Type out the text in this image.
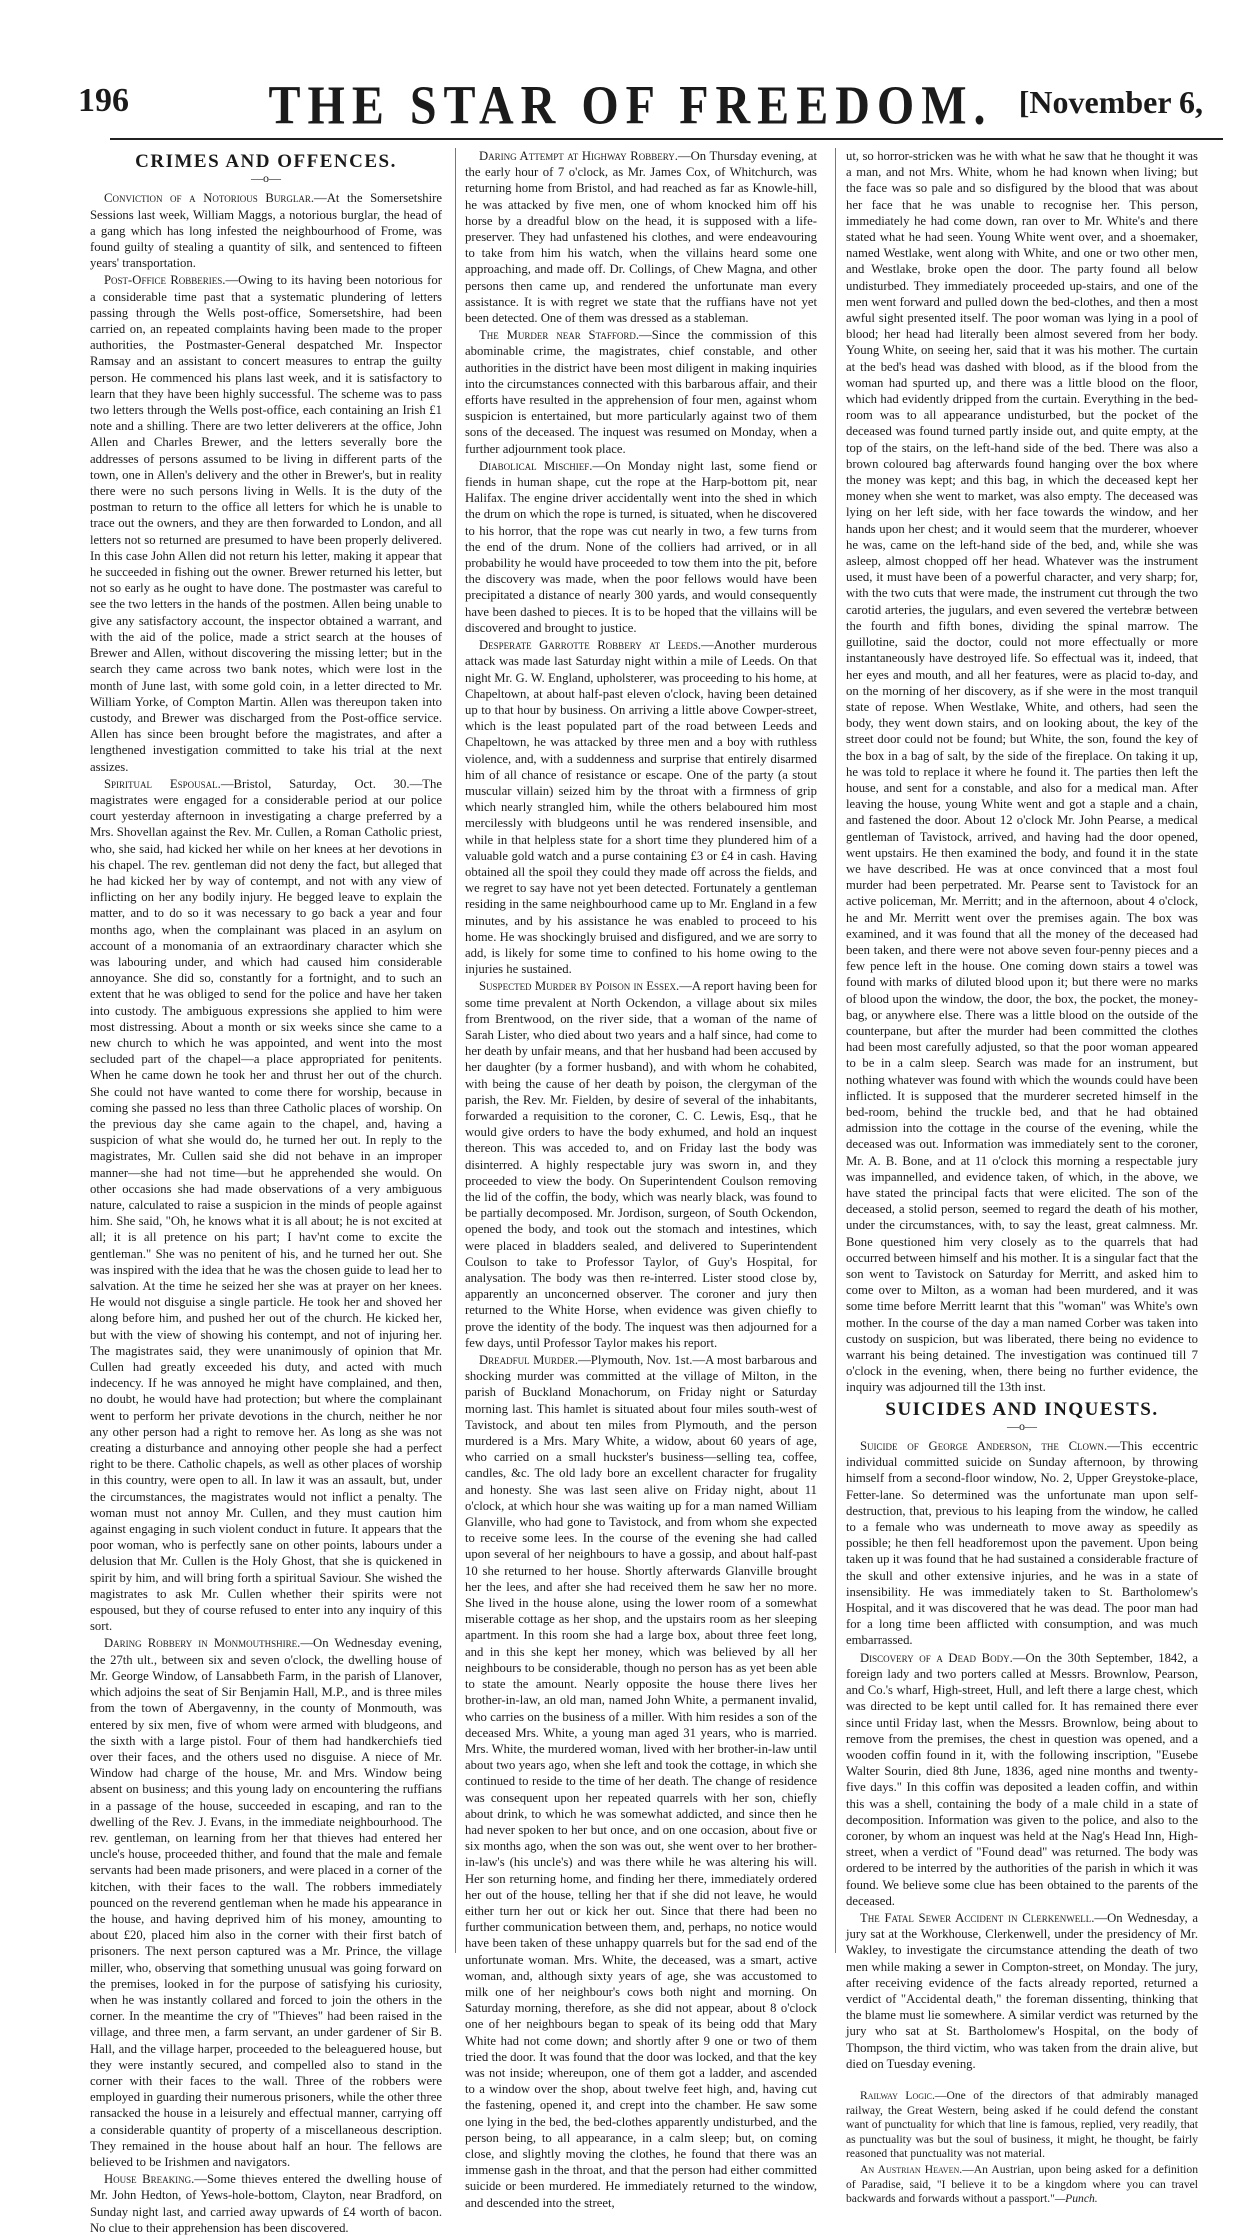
196	THE STAR OF FREEDOM. [November 6,
CRIMES AND OFFENCES.
—o—

Conviction of a Notorious Burglar.—At the Somersetshire Sessions last week, William Maggs, a notorious burglar, the head of a gang which has long infested the neighbourhood of Frome, was found guilty of stealing a quantity of silk, and sentenced to fifteen years' transportation.

Post-Office Robberies.—Owing to its having been notorious for a considerable time past that a systematic plundering of letters passing through the Wells post-office, Somersetshire, had been carried on, an repeated complaints having been made to the proper authorities, the Postmaster-General despatched Mr. Inspector Ramsay and an assistant to concert measures to entrap the guilty person. He commenced his plans last week, and it is satisfactory to learn that they have been highly successful. The scheme was to pass two letters through the Wells post-office, each containing an Irish £1 note and a shilling. There are two letter deliverers at the office, John Allen and Charles Brewer, and the letters severally bore the addresses of persons assumed to be living in different parts of the town, one in Allen's delivery and the other in Brewer's, but in reality there were no such persons living in Wells. It is the duty of the postman to return to the office all letters for which he is unable to trace out the owners, and they are then forwarded to London, and all letters not so returned are presumed to have been properly delivered. In this case John Allen did not return his letter, making it appear that he succeeded in fishing out the owner. Brewer returned his letter, but not so early as he ought to have done. The postmaster was careful to see the two letters in the hands of the postmen. Allen being unable to give any satisfactory account, the inspector obtained a warrant, and with the aid of the police, made a strict search at the houses of Brewer and Allen, without discovering the missing letter; but in the search they came across two bank notes, which were lost in the month of June last, with some gold coin, in a letter directed to Mr. William Yorke, of Compton Martin. Allen was thereupon taken into custody, and Brewer was discharged from the Post-office service. Allen has since been brought before the magistrates, and after a lengthened investigation committed to take his trial at the next assizes.

Spiritual Espousal.—Bristol, Saturday, Oct. 30.—The magistrates were engaged for a considerable period at our police court yesterday afternoon in investigating a charge preferred by a Mrs. Shovellan against the Rev. Mr. Cullen, a Roman Catholic priest, who, she said, had kicked her while on her knees at her devotions in his chapel. The rev. gentleman did not deny the fact, but alleged that he had kicked her by way of contempt, and not with any view of inflicting on her any bodily injury. He begged leave to explain the matter, and to do so it was necessary to go back a year and four months ago, when the complainant was placed in an asylum on account of a monomania of an extraordinary character which she was labouring under, and which had caused him considerable annoyance. She did so, constantly for a fortnight, and to such an extent that he was obliged to send for the police and have her taken into custody. The ambiguous expressions she applied to him were most distressing. About a month or six weeks since she came to a new church to which he was appointed, and went into the most secluded part of the chapel—a place appropriated for penitents. When he came down he took her and thrust her out of the church. She could not have wanted to come there for worship, because in coming she passed no less than three Catholic places of worship. On the previous day she came again to the chapel, and, having a suspicion of what she would do, he turned her out. In reply to the magistrates, Mr. Cullen said she did not behave in an improper manner—she had not time—but he apprehended she would. On other occasions she had made observations of a very ambiguous nature, calculated to raise a suspicion in the minds of people against him. She said, "Oh, he knows what it is all about; he is not excited at all; it is all pretence on his part; I hav'nt come to excite the gentleman." She was no penitent of his, and he turned her out. She was inspired with the idea that he was the chosen guide to lead her to salvation. At the time he seized her she was at prayer on her knees. He would not disguise a single particle. He took her and shoved her along before him, and pushed her out of the church. He kicked her, but with the view of showing his contempt, and not of injuring her. The magistrates said, they were unanimously of opinion that Mr. Cullen had greatly exceeded his duty, and acted with much indecency. If he was annoyed he might have complained, and then, no doubt, he would have had protection; but where the complainant went to perform her private devotions in the church, neither he nor any other person had a right to remove her. As long as she was not creating a disturbance and annoying other people she had a perfect right to be there. Catholic chapels, as well as other places of worship in this country, were open to all. In law it was an assault, but, under the circumstances, the magistrates would not inflict a penalty. The woman must not annoy Mr. Cullen, and they must caution him against engaging in such violent conduct in future. It appears that the poor woman, who is perfectly sane on other points, labours under a delusion that Mr. Cullen is the Holy Ghost, that she is quickened in spirit by him, and will bring forth a spiritual Saviour. She wished the magistrates to ask Mr. Cullen whether their spirits were not espoused, but they of course refused to enter into any inquiry of this sort.

Daring Robbery in Monmouthshire.—On Wednesday evening, the 27th ult., between six and seven o'clock, the dwelling house of Mr. George Window, of Lansabbeth Farm, in the parish of Llanover, which adjoins the seat of Sir Benjamin Hall, M.P., and is three miles from the town of Abergavenny, in the county of Monmouth, was entered by six men, five of whom were armed with bludgeons, and the sixth with a large pistol. Four of them had handkerchiefs tied over their faces, and the others used no disguise. A niece of Mr. Window had charge of the house, Mr. and Mrs. Window being absent on business; and this young lady on encountering the ruffians in a passage of the house, succeeded in escaping, and ran to the dwelling of the Rev. J. Evans, in the immediate neighbourhood. The rev. gentleman, on learning from her that thieves had entered her uncle's house, proceeded thither, and found that the male and female servants had been made prisoners, and were placed in a corner of the kitchen, with their faces to the wall. The robbers immediately pounced on the reverend gentleman when he made his appearance in the house, and having deprived him of his money, amounting to about £20, placed him also in the corner with their first batch of prisoners. The next person captured was a Mr. Prince, the village miller, who, observing that something unusual was going forward on the premises, looked in for the purpose of satisfying his curiosity, when he was instantly collared and forced to join the others in the corner. In the meantime the cry of "Thieves" had been raised in the village, and three men, a farm servant, an under gardener of Sir B. Hall, and the village harper, proceeded to the beleaguered house, but they were instantly secured, and compelled also to stand in the corner with their faces to the wall. Three of the robbers were employed in guarding their numerous prisoners, while the other three ransacked the house in a leisurely and effectual manner, carrying off a considerable quantity of property of a miscellaneous description. They remained in the house about half an hour. The fellows are believed to be Irishmen and navigators.

House Breaking.—Some thieves entered the dwelling house of Mr. John Hedton, of Yews-hole-bottom, Clayton, near Bradford, on Sunday night last, and carried away upwards of £4 worth of bacon. No clue to their apprehension has been discovered.

Daring Attempt at Highway Robbery.—On Thursday evening, at the early hour of 7 o'clock, as Mr. James Cox, of Whitchurch, was returning home from Bristol, and had reached as far as Knowle-hill, he was attacked by five men, one of whom knocked him off his horse by a dreadful blow on the head, it is supposed with a life-preserver. They had unfastened his clothes, and were endeavouring to take from him his watch, when the villains heard some one approaching, and made off. Dr. Collings, of Chew Magna, and other persons then came up, and rendered the unfortunate man every assistance. It is with regret we state that the ruffians have not yet been detected. One of them was dressed as a stableman.

The Murder near Stafford.—Since the commission of this abominable crime, the magistrates, chief constable, and other authorities in the district have been most diligent in making inquiries into the circumstances connected with this barbarous affair, and their efforts have resulted in the apprehension of four men, against whom suspicion is entertained, but more particularly against two of them sons of the deceased. The inquest was resumed on Monday, when a further adjournment took place.

Diabolical Mischief.—On Monday night last, some fiend or fiends in human shape, cut the rope at the Harp-bottom pit, near Halifax. The engine driver accidentally went into the shed in which the drum on which the rope is turned, is situated, when he discovered to his horror, that the rope was cut nearly in two, a few turns from the end of the drum. None of the colliers had arrived, or in all probability he would have proceeded to tow them into the pit, before the discovery was made, when the poor fellows would have been precipitated a distance of nearly 300 yards, and would consequently have been dashed to pieces. It is to be hoped that the villains will be discovered and brought to justice.

Desperate Garrotte Robbery at Leeds.—Another murderous attack was made last Saturday night within a mile of Leeds. On that night Mr. G. W. England, upholsterer, was proceeding to his home, at Chapeltown, at about half-past eleven o'clock, having been detained up to that hour by business. On arriving a little above Cowper-street, which is the least populated part of the road between Leeds and Chapeltown, he was attacked by three men and a boy with ruthless violence, and, with a suddenness and surprise that entirely disarmed him of all chance of resistance or escape. One of the party (a stout muscular villain) seized him by the throat with a firmness of grip which nearly strangled him, while the others belaboured him most mercilessly with bludgeons until he was rendered insensible, and while in that helpless state for a short time they plundered him of a valuable gold watch and a purse containing £3 or £4 in cash. Having obtained all the spoil they could they made off across the fields, and we regret to say have not yet been detected. Fortunately a gentleman residing in the same neighbourhood came up to Mr. England in a few minutes, and by his assistance he was enabled to proceed to his home. He was shockingly bruised and disfigured, and we are sorry to add, is likely for some time to confined to his home owing to the injuries he sustained.

Suspected Murder by Poison in Essex.—A report having been for some time prevalent at North Ockendon, a village about six miles from Brentwood, on the river side, that a woman of the name of Sarah Lister, who died about two years and a half since, had come to her death by unfair means, and that her husband had been accused by her daughter (by a former husband), and with whom he cohabited, with being the cause of her death by poison, the clergyman of the parish, the Rev. Mr. Fielden, by desire of several of the inhabitants, forwarded a requisition to the coroner, C. C. Lewis, Esq., that he would give orders to have the body exhumed, and hold an inquest thereon. This was acceded to, and on Friday last the body was disinterred. A highly respectable jury was sworn in, and they proceeded to view the body. On Superintendent Coulson removing the lid of the coffin, the body, which was nearly black, was found to be partially decomposed. Mr. Jordison, surgeon, of South Ockendon, opened the body, and took out the stomach and intestines, which were placed in bladders sealed, and delivered to Superintendent Coulson to take to Professor Taylor, of Guy's Hospital, for analysation. The body was then re-interred. Lister stood close by, apparently an unconcerned observer. The coroner and jury then returned to the White Horse, when evidence was given chiefly to prove the identity of the body. The inquest was then adjourned for a few days, until Professor Taylor makes his report.

Dreadful Murder.—Plymouth, Nov. 1st.—A most barbarous and shocking murder was committed at the village of Milton, in the parish of Buckland Monachorum, on Friday night or Saturday morning last. This hamlet is situated about four miles south-west of Tavistock, and about ten miles from Plymouth, and the person murdered is a Mrs. Mary White, a widow, about 60 years of age, who carried on a small huckster's business—selling tea, coffee, candles, &c. The old lady bore an excellent character for frugality and honesty. She was last seen alive on Friday night, about 11 o'clock, at which hour she was waiting up for a man named William Glanville, who had gone to Tavistock, and from whom she expected to receive some lees. In the course of the evening she had called upon several of her neighbours to have a gossip, and about half-past 10 she returned to her house. Shortly afterwards Glanville brought her the lees, and after she had received them he saw her no more. She lived in the house alone, using the lower room of a somewhat miserable cottage as her shop, and the upstairs room as her sleeping apartment. In this room she had a large box, about three feet long, and in this she kept her money, which was believed by all her neighbours to be considerable, though no person has as yet been able to state the amount. Nearly opposite the house there lives her brother-in-law, an old man, named John White, a permanent invalid, who carries on the business of a miller. With him resides a son of the deceased Mrs. White, a young man aged 31 years, who is married. Mrs. White, the murdered woman, lived with her brother-in-law until about two years ago, when she left and took the cottage, in which she continued to reside to the time of her death. The change of residence was consequent upon her repeated quarrels with her son, chiefly about drink, to which he was somewhat addicted, and since then he had never spoken to her but once, and on one occasion, about five or six months ago, when the son was out, she went over to her brother-in-law's (his uncle's) and was there while he was altering his will. Her son returning home, and finding her there, immediately ordered her out of the house, telling her that if she did not leave, he would either turn her out or kick her out. Since that there had been no further communication between them, and, perhaps, no notice would have been taken of these unhappy quarrels but for the sad end of the unfortunate woman. Mrs. White, the deceased, was a smart, active woman, and, although sixty years of age, she was accustomed to milk one of her neighbour's cows both night and morning. On Saturday morning, therefore, as she did not appear, about 8 o'clock one of her neighbours began to speak of its being odd that Mary White had not come down; and shortly after 9 one or two of them tried the door. It was found that the door was locked, and that the key was not inside; whereupon, one of them got a ladder, and ascended to a window over the shop, about twelve feet high, and, having cut the fastening, opened it, and crept into the chamber. He saw some one lying in the bed, the bed-clothes apparently undisturbed, and the person being, to all appearance, in a calm sleep; but, on coming close, and slightly moving the clothes, he found that there was an immense gash in the throat, and that the person had either committed suicide or been murdered. He immediately returned to the window, and descended into the street,

ut, so horror-stricken was he with what he saw that he thought it was a man, and not Mrs. White, whom he had known when living; but the face was so pale and so disfigured by the blood that was about her face that he was unable to recognise her. This person, immediately he had come down, ran over to Mr. White's and there stated what he had seen. Young White went over, and a shoemaker, named Westlake, went along with White, and one or two other men, and Westlake, broke open the door. The party found all below undisturbed. They immediately proceeded up-stairs, and one of the men went forward and pulled down the bed-clothes, and then a most awful sight presented itself. The poor woman was lying in a pool of blood; her head had literally been almost severed from her body. Young White, on seeing her, said that it was his mother. The curtain at the bed's head was dashed with blood, as if the blood from the woman had spurted up, and there was a little blood on the floor, which had evidently dripped from the curtain. Everything in the bed-room was to all appearance undisturbed, but the pocket of the deceased was found turned partly inside out, and quite empty, at the top of the stairs, on the left-hand side of the bed. There was also a brown coloured bag afterwards found hanging over the box where the money was kept; and this bag, in which the deceased kept her money when she went to market, was also empty. The deceased was lying on her left side, with her face towards the window, and her hands upon her chest; and it would seem that the murderer, whoever he was, came on the left-hand side of the bed, and, while she was asleep, almost chopped off her head. Whatever was the instrument used, it must have been of a powerful character, and very sharp; for, with the two cuts that were made, the instrument cut through the two carotid arteries, the jugulars, and even severed the vertebræ between the fourth and fifth bones, dividing the spinal marrow. The guillotine, said the doctor, could not more effectually or more instantaneously have destroyed life. So effectual was it, indeed, that her eyes and mouth, and all her features, were as placid to-day, and on the morning of her discovery, as if she were in the most tranquil state of repose. When Westlake, White, and others, had seen the body, they went down stairs, and on looking about, the key of the street door could not be found; but White, the son, found the key of the box in a bag of salt, by the side of the fireplace. On taking it up, he was told to replace it where he found it. The parties then left the house, and sent for a constable, and also for a medical man. After leaving the house, young White went and got a staple and a chain, and fastened the door. About 12 o'clock Mr. John Pearse, a medical gentleman of Tavistock, arrived, and having had the door opened, went upstairs. He then examined the body, and found it in the state we have described. He was at once convinced that a most foul murder had been perpetrated. Mr. Pearse sent to Tavistock for an active policeman, Mr. Merritt; and in the afternoon, about 4 o'clock, he and Mr. Merritt went over the premises again. The box was examined, and it was found that all the money of the deceased had been taken, and there were not above seven four-penny pieces and a few pence left in the house. One coming down stairs a towel was found with marks of diluted blood upon it; but there were no marks of blood upon the window, the door, the box, the pocket, the money-bag, or anywhere else. There was a little blood on the outside of the counterpane, but after the murder had been committed the clothes had been most carefully adjusted, so that the poor woman appeared to be in a calm sleep. Search was made for an instrument, but nothing whatever was found with which the wounds could have been inflicted. It is supposed that the murderer secreted himself in the bed-room, behind the truckle bed, and that he had obtained admission into the cottage in the course of the evening, while the deceased was out. Information was immediately sent to the coroner, Mr. A. B. Bone, and at 11 o'clock this morning a respectable jury was impannelled, and evidence taken, of which, in the above, we have stated the principal facts that were elicited. The son of the deceased, a stolid person, seemed to regard the death of his mother, under the circumstances, with, to say the least, great calmness. Mr. Bone questioned him very closely as to the quarrels that had occurred between himself and his mother. It is a singular fact that the son went to Tavistock on Saturday for Merritt, and asked him to come over to Milton, as a woman had been murdered, and it was some time before Merritt learnt that this "woman" was White's own mother. In the course of the day a man named Corber was taken into custody on suspicion, but was liberated, there being no evidence to warrant his being detained. The investigation was continued till 7 o'clock in the evening, when, there being no further evidence, the inquiry was adjourned till the 13th inst.

SUICIDES AND INQUESTS.
—o—

Suicide of George Anderson, the Clown.—This eccentric individual committed suicide on Sunday afternoon, by throwing himself from a second-floor window, No. 2, Upper Greystoke-place, Fetter-lane. So determined was the unfortunate man upon self-destruction, that, previous to his leaping from the window, he called to a female who was underneath to move away as speedily as possible; he then fell headforemost upon the pavement. Upon being taken up it was found that he had sustained a considerable fracture of the skull and other extensive injuries, and he was in a state of insensibility. He was immediately taken to St. Bartholomew's Hospital, and it was discovered that he was dead. The poor man had for a long time been afflicted with consumption, and was much embarrassed.

Discovery of a Dead Body.—On the 30th September, 1842, a foreign lady and two porters called at Messrs. Brownlow, Pearson, and Co.'s wharf, High-street, Hull, and left there a large chest, which was directed to be kept until called for. It has remained there ever since until Friday last, when the Messrs. Brownlow, being about to remove from the premises, the chest in question was opened, and a wooden coffin found in it, with the following inscription, "Eusebe Walter Sourin, died 8th June, 1836, aged nine months and twenty-five days." In this coffin was deposited a leaden coffin, and within this was a shell, containing the body of a male child in a state of decomposition. Information was given to the police, and also to the coroner, by whom an inquest was held at the Nag's Head Inn, High-street, when a verdict of "Found dead" was returned. The body was ordered to be interred by the authorities of the parish in which it was found. We believe some clue has been obtained to the parents of the deceased.

The Fatal Sewer Accident in Clerkenwell.—On Wednesday, a jury sat at the Workhouse, Clerkenwell, under the presidency of Mr. Wakley, to investigate the circumstance attending the death of two men while making a sewer in Compton-street, on Monday. The jury, after receiving evidence of the facts already reported, returned a verdict of "Accidental death," the foreman dissenting, thinking that the blame must lie somewhere. A similar verdict was returned by the jury who sat at St. Bartholomew's Hospital, on the body of Thompson, the third victim, who was taken from the drain alive, but died on Tuesday evening.

Railway Logic.—One of the directors of that admirably managed railway, the Great Western, being asked if he could defend the constant want of punctuality for which that line is famous, replied, very readily, that as punctuality was but the soul of business, it might, he thought, be fairly reasoned that punctuality was not material.

An Austrian Heaven.—An Austrian, upon being asked for a definition of Paradise, said, "I believe it to be a kingdom where you can travel backwards and forwards without a passport."—Punch.
